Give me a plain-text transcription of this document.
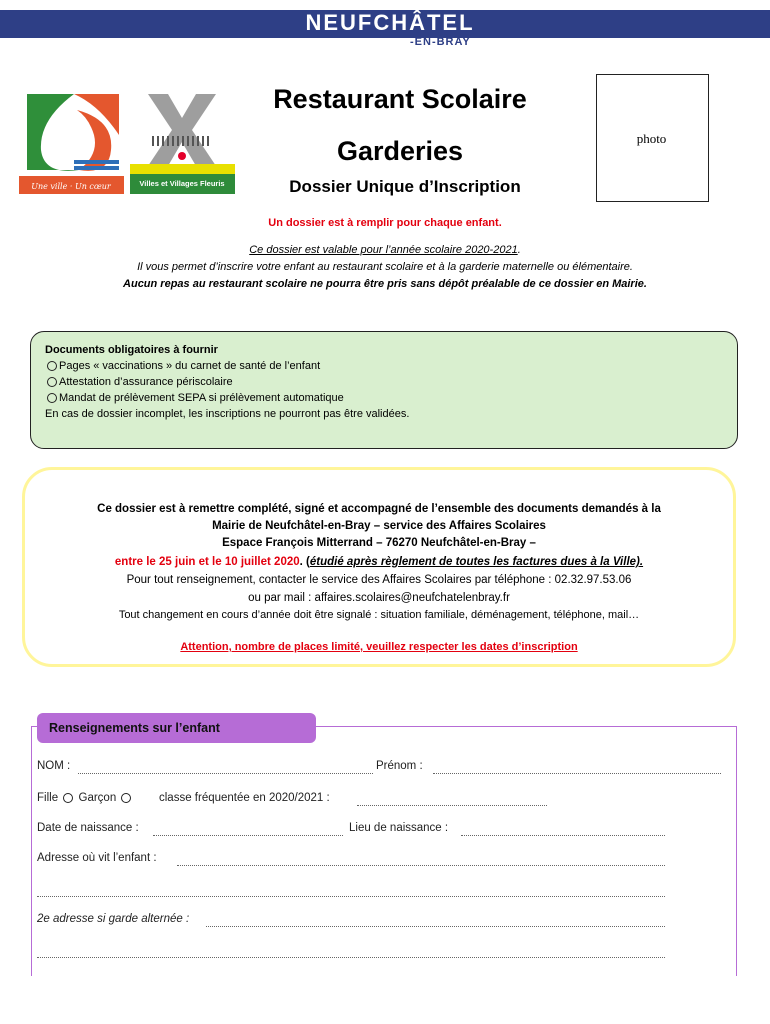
NEUFCHÂTEL
-EN-BRAY
Une ville · Un cœur	Villes et Villages Fleuris
Restaurant Scolaire
Garderies
Dossier Unique d’Inscription
photo
Un dossier est à remplir pour chaque enfant.
Ce dossier est valable pour l’année scolaire 2020-2021.
Il vous permet d’inscrire votre enfant au restaurant scolaire et à la garderie maternelle ou élémentaire.
Aucun repas au restaurant scolaire ne pourra être pris sans dépôt préalable de ce dossier en Mairie.
Documents obligatoires à fournir
Pages « vaccinations » du carnet de santé de l’enfant
Attestation d’assurance périscolaire
Mandat de prélèvement SEPA si prélèvement automatique
En cas de dossier incomplet, les inscriptions ne pourront pas être validées.
Ce dossier est à remettre complété, signé et accompagné de l’ensemble des documents demandés à la
Mairie de Neufchâtel-en-Bray – service des Affaires Scolaires
Espace François Mitterrand – 76270 Neufchâtel-en-Bray –
entre le 25 juin et le 10 juillet 2020. (étudié après règlement de toutes les factures dues à la Ville).
Pour tout renseignement, contacter le service des Affaires Scolaires par téléphone : 02.32.97.53.06
ou par mail : affaires.scolaires@neufchatelenbray.fr
Tout changement en cours d’année doit être signalé : situation familiale, déménagement, téléphone, mail…
Attention, nombre de places limité, veuillez respecter les dates d’inscription
Renseignements sur l’enfant
NOM :	Prénom :
Fille Garçon	classe fréquentée en 2020/2021 :
Date de naissance :	Lieu de naissance :
Adresse où vit l’enfant :
2e adresse si garde alternée :
